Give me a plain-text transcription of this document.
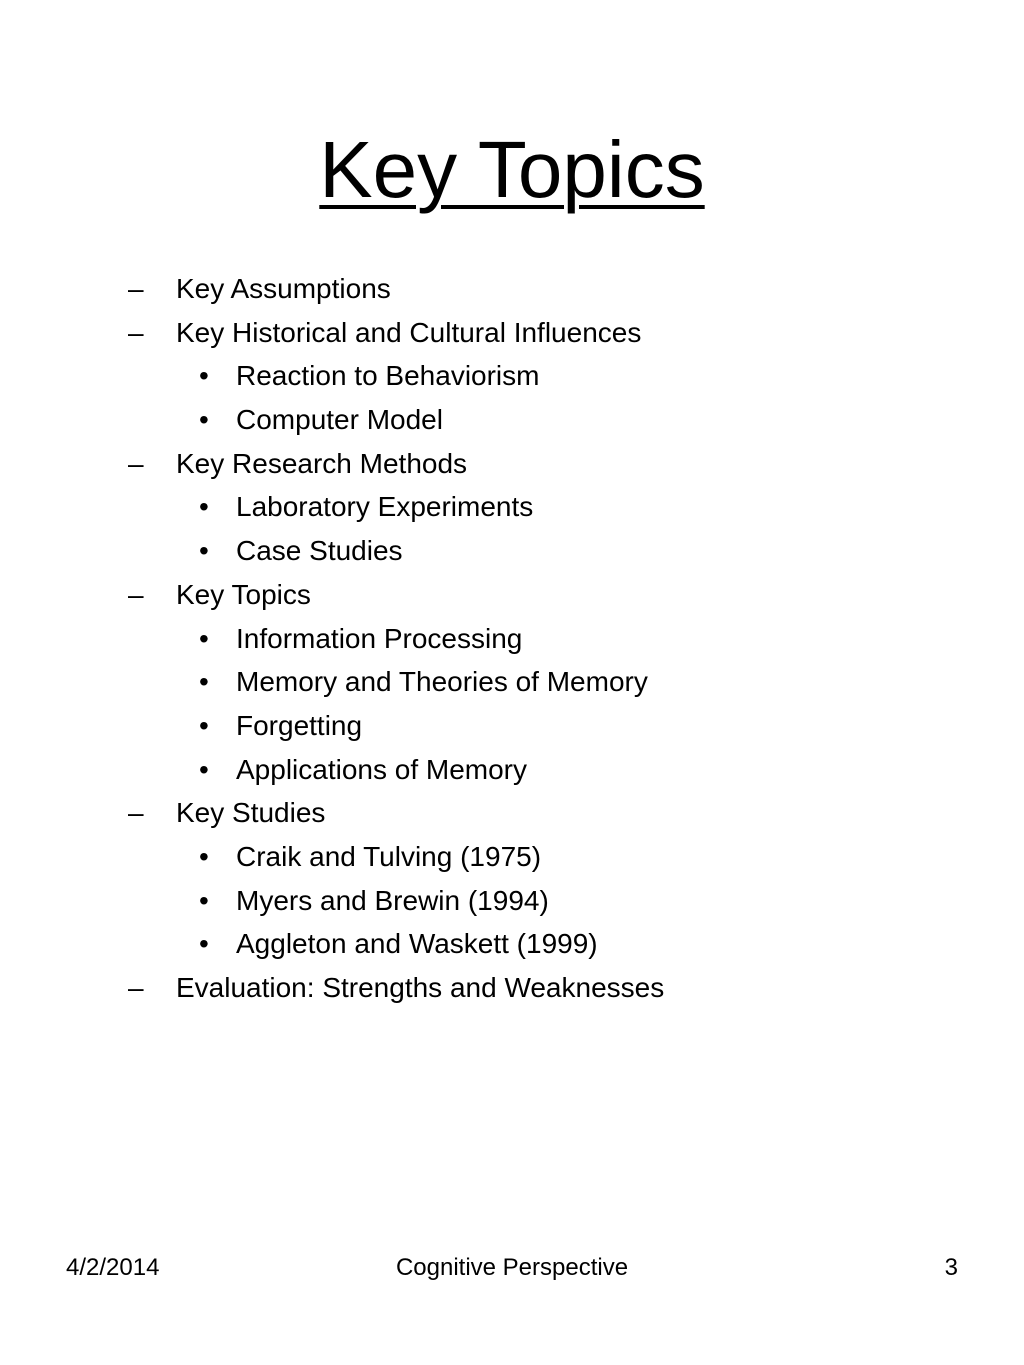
Key Topics
– Key Assumptions
– Key Historical and Cultural Influences
• Reaction to Behaviorism
• Computer Model
– Key Research Methods
• Laboratory Experiments
• Case Studies
– Key Topics
• Information Processing
• Memory and Theories of Memory
• Forgetting
• Applications of Memory
– Key Studies
• Craik and Tulving (1975)
• Myers and Brewin (1994)
• Aggleton and Waskett (1999)
– Evaluation: Strengths and Weaknesses
4/2/2014	Cognitive Perspective	3
